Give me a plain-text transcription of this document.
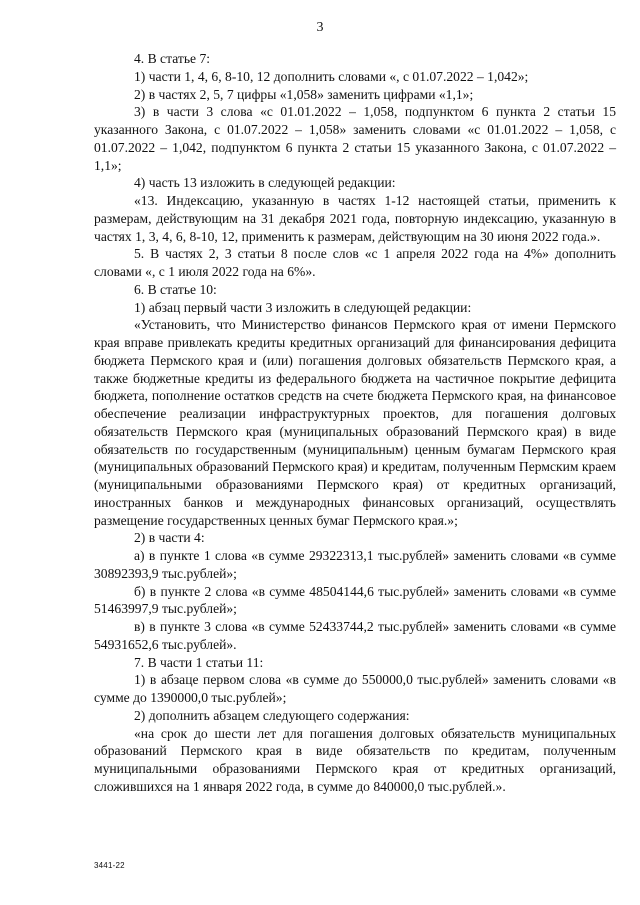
3

4. В статье 7:

1) части 1, 4, 6, 8-10, 12 дополнить словами «, с 01.07.2022 – 1,042»;

2) в частях 2, 5, 7 цифры «1,058» заменить цифрами «1,1»;

3) в части 3 слова «с 01.01.2022 – 1,058, подпунктом 6 пункта 2 статьи 15 указанного Закона, с 01.07.2022 – 1,058» заменить словами «с 01.01.2022 – 1,058, с 01.07.2022 – 1,042, подпунктом 6 пункта 2 статьи 15 указанного Закона, с 01.07.2022 – 1,1»;

4) часть 13 изложить в следующей редакции:

«13. Индексацию, указанную в частях 1-12 настоящей статьи, применить к размерам, действующим на 31 декабря 2021 года, повторную индексацию, указанную в частях 1, 3, 4, 6, 8-10, 12, применить к размерам, действующим на 30 июня 2022 года.».

5. В частях 2, 3 статьи 8 после слов «с 1 апреля 2022 года на 4%» дополнить словами «, с 1 июля 2022 года на 6%».

6. В статье 10:

1) абзац первый части 3 изложить в следующей редакции:

«Установить, что Министерство финансов Пермского края от имени Пермского края вправе привлекать кредиты кредитных организаций для финансирования дефицита бюджета Пермского края и (или) погашения долговых обязательств Пермского края, а также бюджетные кредиты из федерального бюджета на частичное покрытие дефицита бюджета, пополнение остатков средств на счете бюджета Пермского края, на финансовое обеспечение реализации инфраструктурных проектов, для погашения долговых обязательств Пермского края (муниципальных образований Пермского края) в виде обязательств по государственным (муниципальным) ценным бумагам Пермского края (муниципальных образований Пермского края) и кредитам, полученным Пермским краем (муниципальными образованиями Пермского края) от кредитных организаций, иностранных банков и международных финансовых организаций, осуществлять размещение государственных ценных бумаг Пермского края.»;

2) в части 4:

а) в пункте 1 слова «в сумме 29322313,1 тыс.рублей» заменить словами «в сумме 30892393,9 тыс.рублей»;

б) в пункте 2 слова «в сумме 48504144,6 тыс.рублей» заменить словами «в сумме 51463997,9 тыс.рублей»;

в) в пункте 3 слова «в сумме 52433744,2 тыс.рублей» заменить словами «в сумме 54931652,6 тыс.рублей».

7. В части 1 статьи 11:

1) в абзаце первом слова «в сумме до 550000,0 тыс.рублей» заменить словами «в сумме до 1390000,0 тыс.рублей»;

2) дополнить абзацем следующего содержания:

«на срок до шести лет для погашения долговых обязательств муниципальных образований Пермского края в виде обязательств по кредитам, полученным муниципальными образованиями Пермского края от кредитных организаций, сложившихся на 1 января 2022 года, в сумме до 840000,0 тыс.рублей.».

3441-22
